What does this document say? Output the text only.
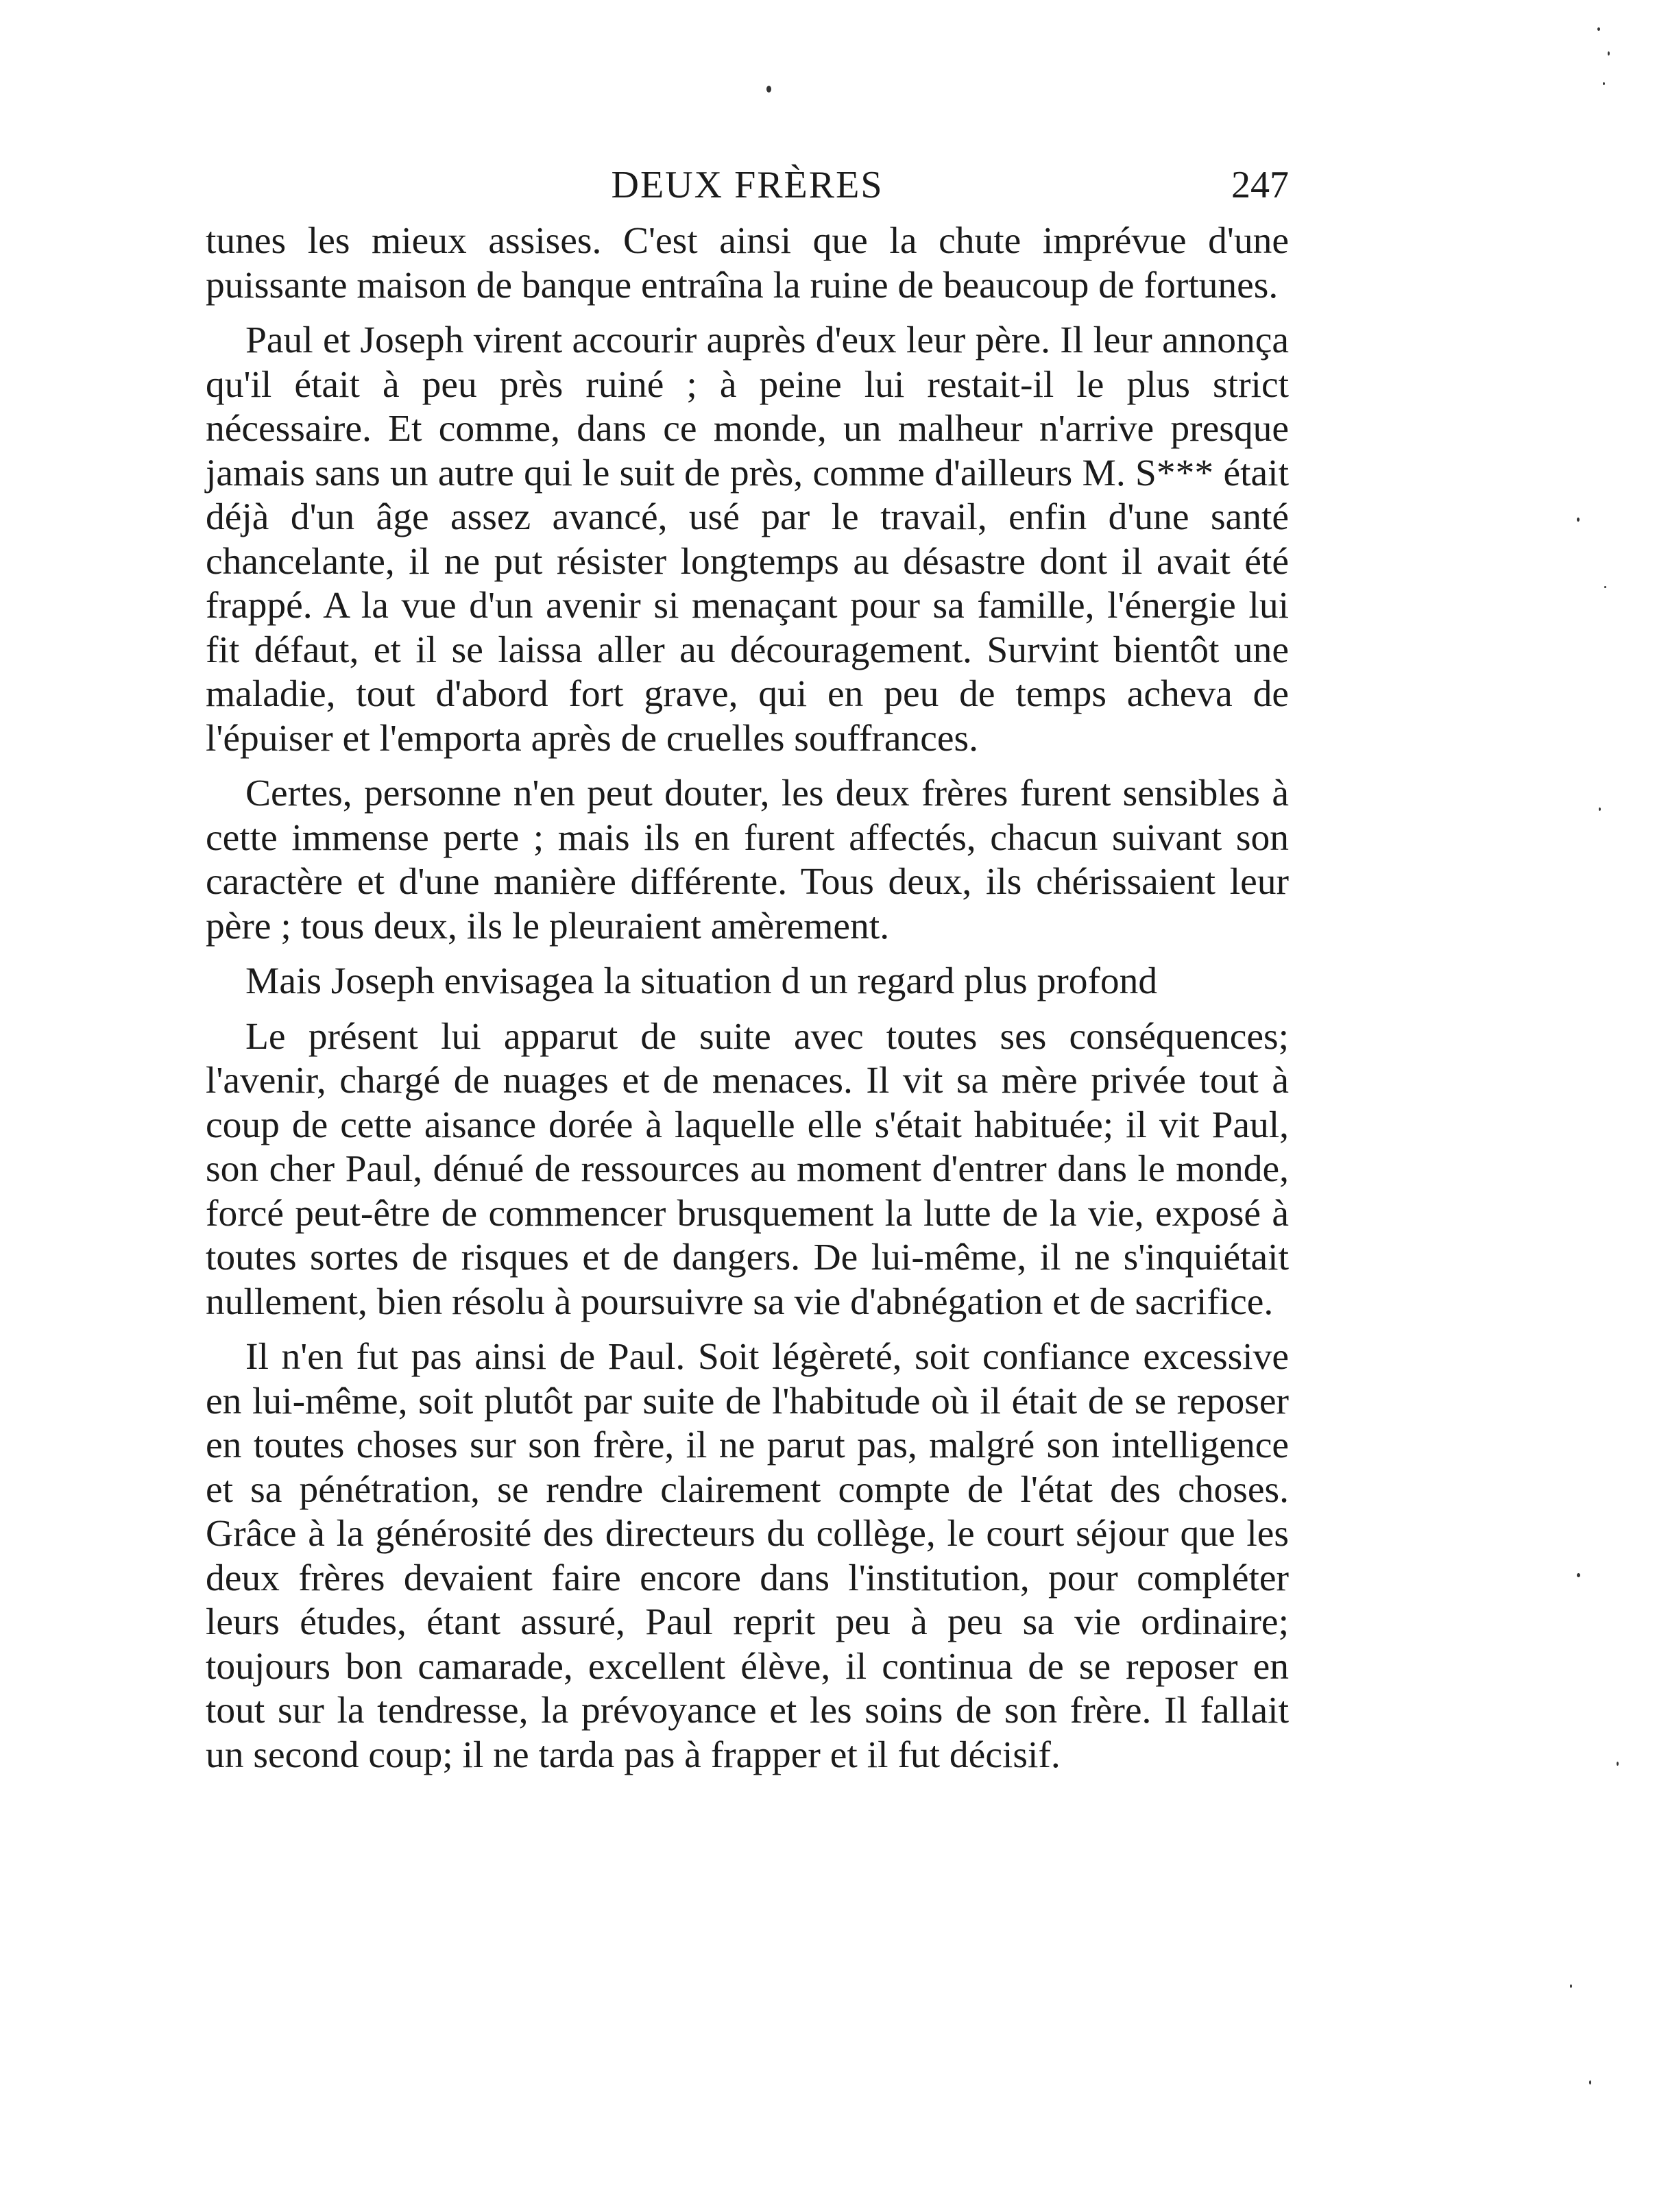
DEUX FRÈRES	247

tunes les mieux assises. C'est ainsi que la chute imprévue d'une puissante maison de banque entraîna la ruine de beaucoup de fortunes.

Paul et Joseph virent accourir auprès d'eux leur père. Il leur annonça qu'il était à peu près ruiné ; à peine lui restait-il le plus strict nécessaire. Et comme, dans ce monde, un malheur n'arrive presque jamais sans un autre qui le suit de près, comme d'ailleurs M. S*** était déjà d'un âge assez avancé, usé par le travail, enfin d'une santé chancelante, il ne put résister longtemps au désastre dont il avait été frappé. A la vue d'un avenir si menaçant pour sa famille, l'énergie lui fit défaut, et il se laissa aller au découragement. Survint bientôt une maladie, tout d'abord fort grave, qui en peu de temps acheva de l'épuiser et l'emporta après de cruelles souffrances.

Certes, personne n'en peut douter, les deux frères furent sensibles à cette immense perte ; mais ils en furent affectés, chacun suivant son caractère et d'une manière différente. Tous deux, ils chérissaient leur père ; tous deux, ils le pleuraient amèrement.

Mais Joseph envisagea la situation d un regard plus profond

Le présent lui apparut de suite avec toutes ses conséquences; l'avenir, chargé de nuages et de menaces. Il vit sa mère privée tout à coup de cette aisance dorée à laquelle elle s'était habituée; il vit Paul, son cher Paul, dénué de ressources au moment d'entrer dans le monde, forcé peut-être de commencer brusquement la lutte de la vie, exposé à toutes sortes de risques et de dangers. De lui-même, il ne s'inquiétait nullement, bien résolu à poursuivre sa vie d'abnégation et de sacrifice.

Il n'en fut pas ainsi de Paul. Soit légèreté, soit confiance excessive en lui-même, soit plutôt par suite de l'habitude où il était de se reposer en toutes choses sur son frère, il ne parut pas, malgré son intelligence et sa pénétration, se rendre clairement compte de l'état des choses. Grâce à la générosité des directeurs du collège, le court séjour que les deux frères devaient faire encore dans l'institution, pour compléter leurs études, étant assuré, Paul reprit peu à peu sa vie ordinaire; toujours bon camarade, excellent élève, il continua de se reposer en tout sur la tendresse, la prévoyance et les soins de son frère. Il fallait un second coup; il ne tarda pas à frapper et il fut décisif.
